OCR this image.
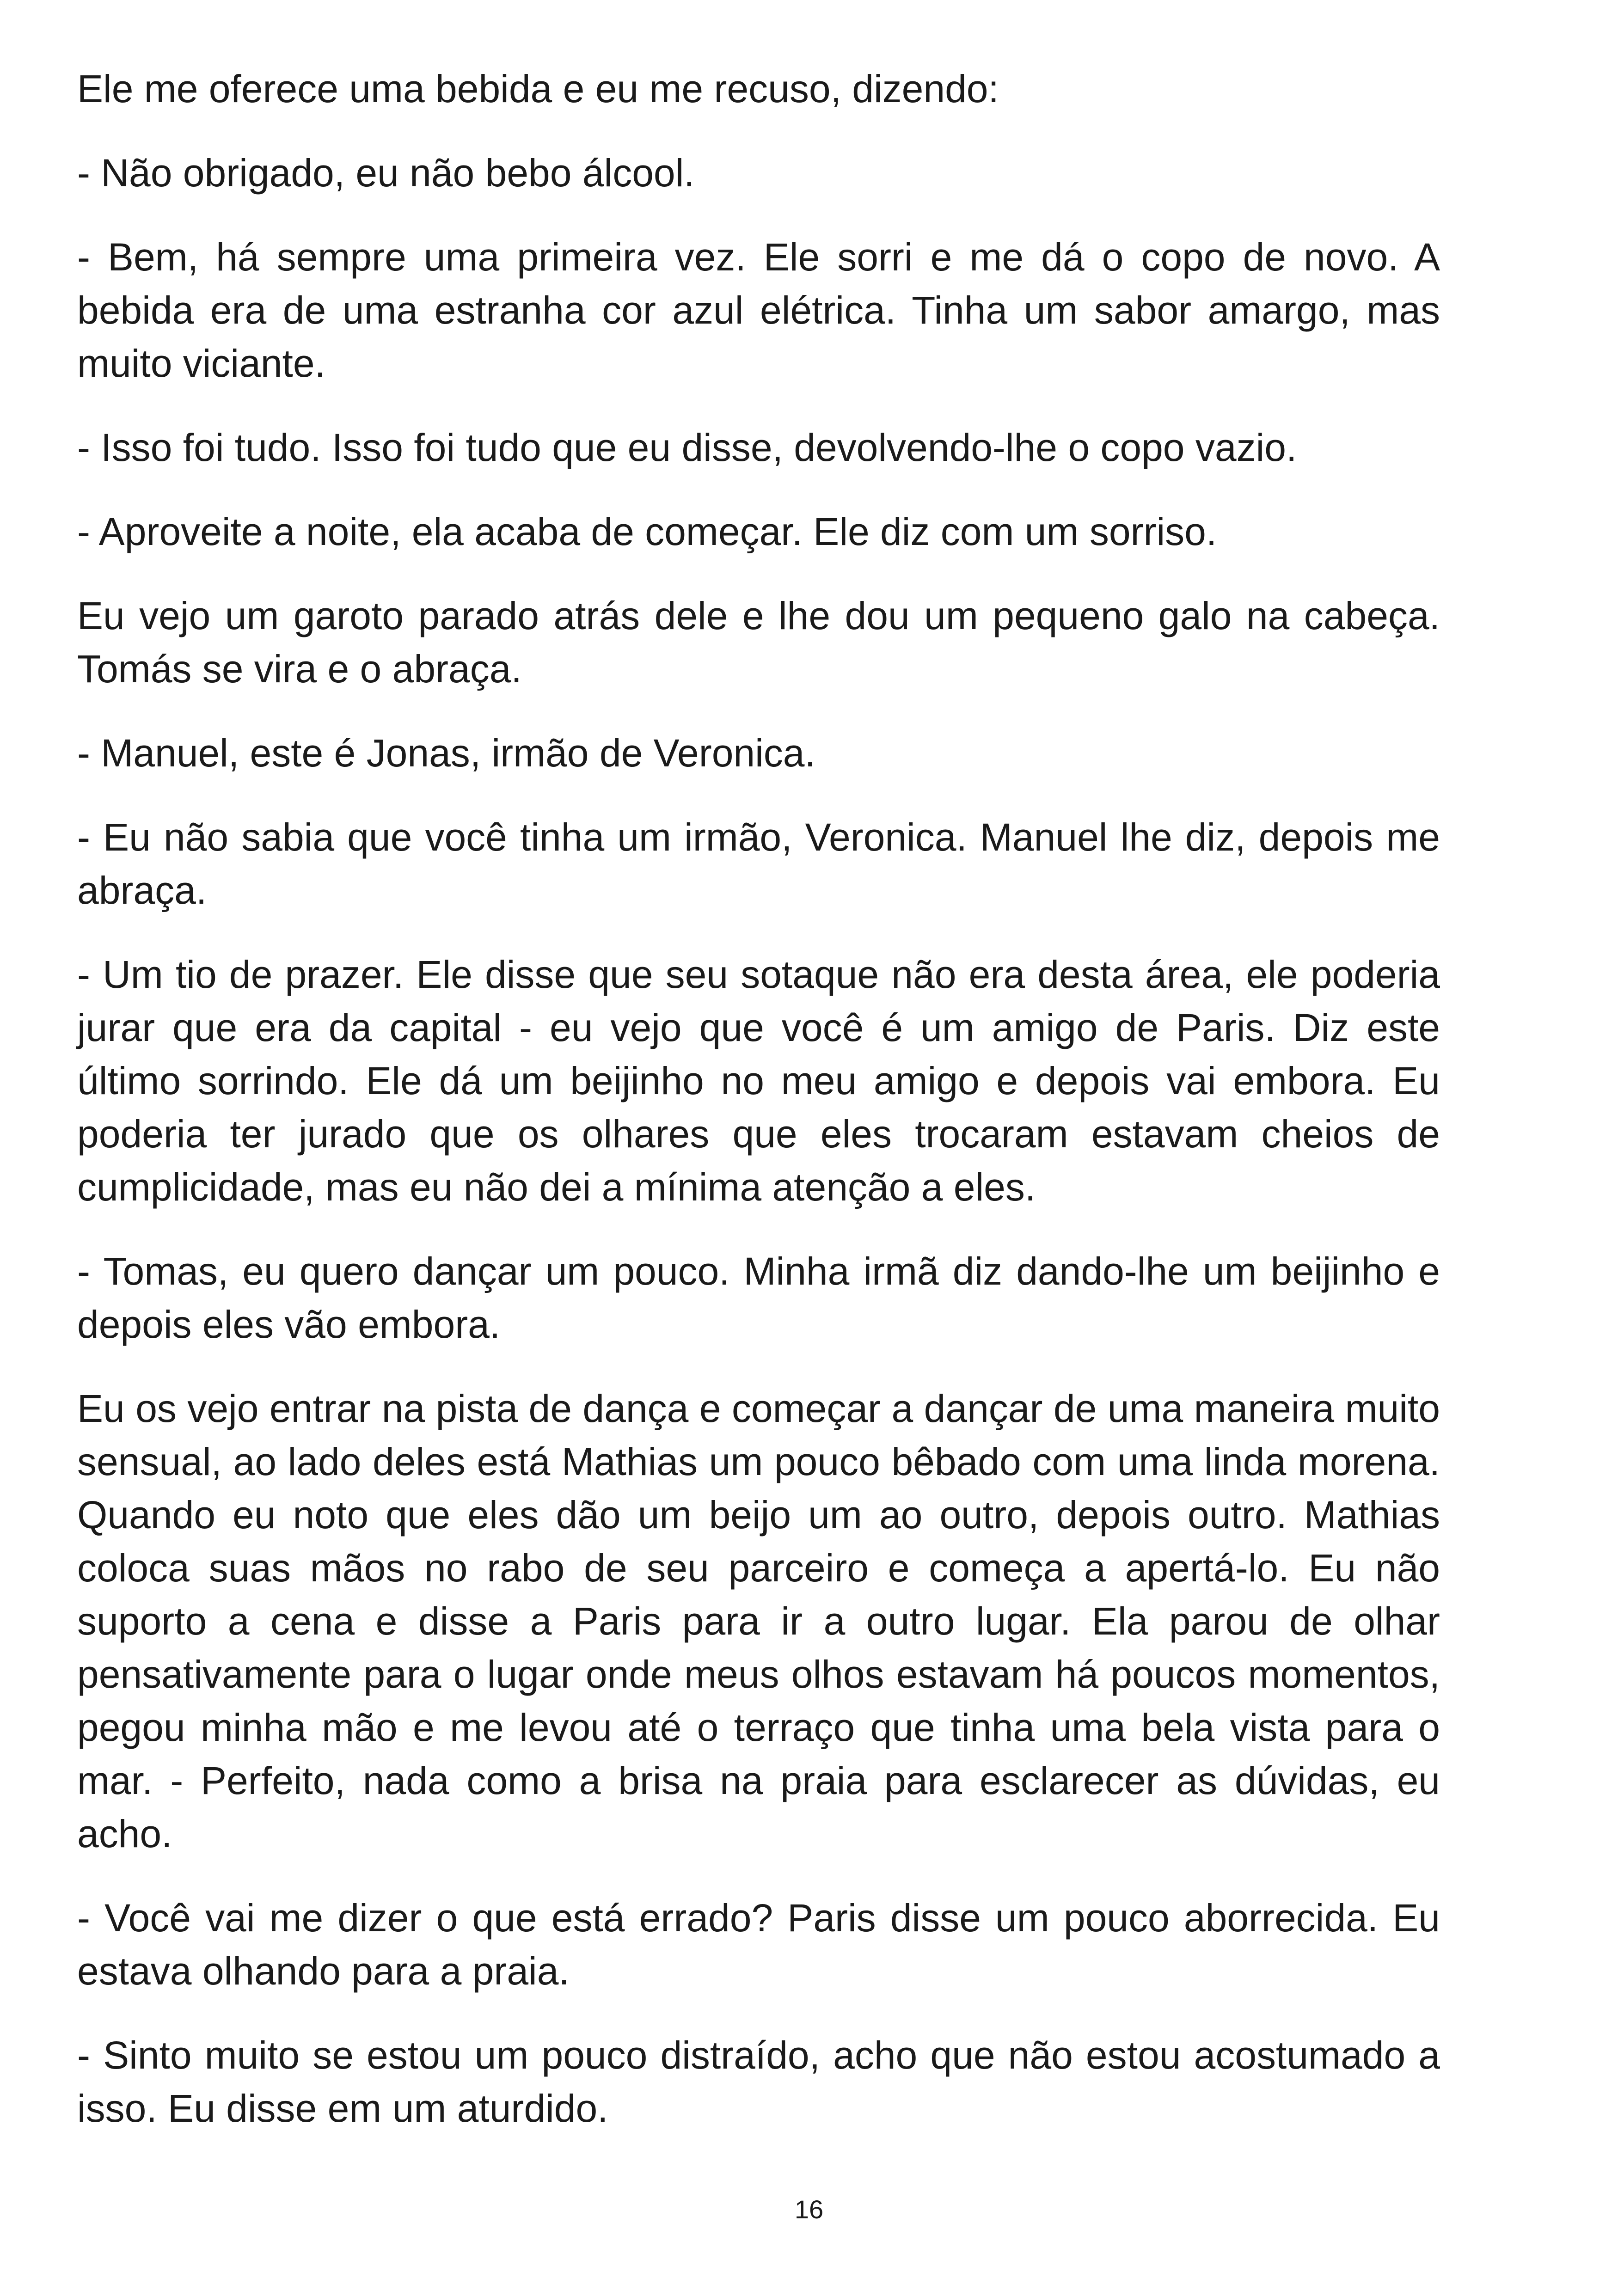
Ele me oferece uma bebida e eu me recuso, dizendo:

- Não obrigado, eu não bebo álcool.

- Bem, há sempre uma primeira vez. Ele sorri e me dá o copo de novo. A bebida era de uma estranha cor azul elétrica. Tinha um sabor amargo, mas muito viciante.

- Isso foi tudo. Isso foi tudo que eu disse, devolvendo-lhe o copo vazio.

- Aproveite a noite, ela acaba de começar. Ele diz com um sorriso.

Eu vejo um garoto parado atrás dele e lhe dou um pequeno galo na cabeça. Tomás se vira e o abraça.

- Manuel, este é Jonas, irmão de Veronica.

- Eu não sabia que você tinha um irmão, Veronica. Manuel lhe diz, depois me abraça.

- Um tio de prazer. Ele disse que seu sotaque não era desta área, ele poderia jurar que era da capital - eu vejo que você é um amigo de Paris. Diz este último sorrindo. Ele dá um beijinho no meu amigo e depois vai embora. Eu poderia ter jurado que os olhares que eles trocaram estavam cheios de cumplicidade, mas eu não dei a mínima atenção a eles.

- Tomas, eu quero dançar um pouco. Minha irmã diz dando-lhe um beijinho e depois eles vão embora.

Eu os vejo entrar na pista de dança e começar a dançar de uma maneira muito sensual, ao lado deles está Mathias um pouco bêbado com uma linda morena. Quando eu noto que eles dão um beijo um ao outro, depois outro. Mathias coloca suas mãos no rabo de seu parceiro e começa a apertá-lo. Eu não suporto a cena e disse a Paris para ir a outro lugar. Ela parou de olhar pensativamente para o lugar onde meus olhos estavam há poucos momentos, pegou minha mão e me levou até o terraço que tinha uma bela vista para o mar. - Perfeito, nada como a brisa na praia para esclarecer as dúvidas, eu acho.

- Você vai me dizer o que está errado? Paris disse um pouco aborrecida. Eu estava olhando para a praia.

- Sinto muito se estou um pouco distraído, acho que não estou acostumado a isso. Eu disse em um aturdido.

16
